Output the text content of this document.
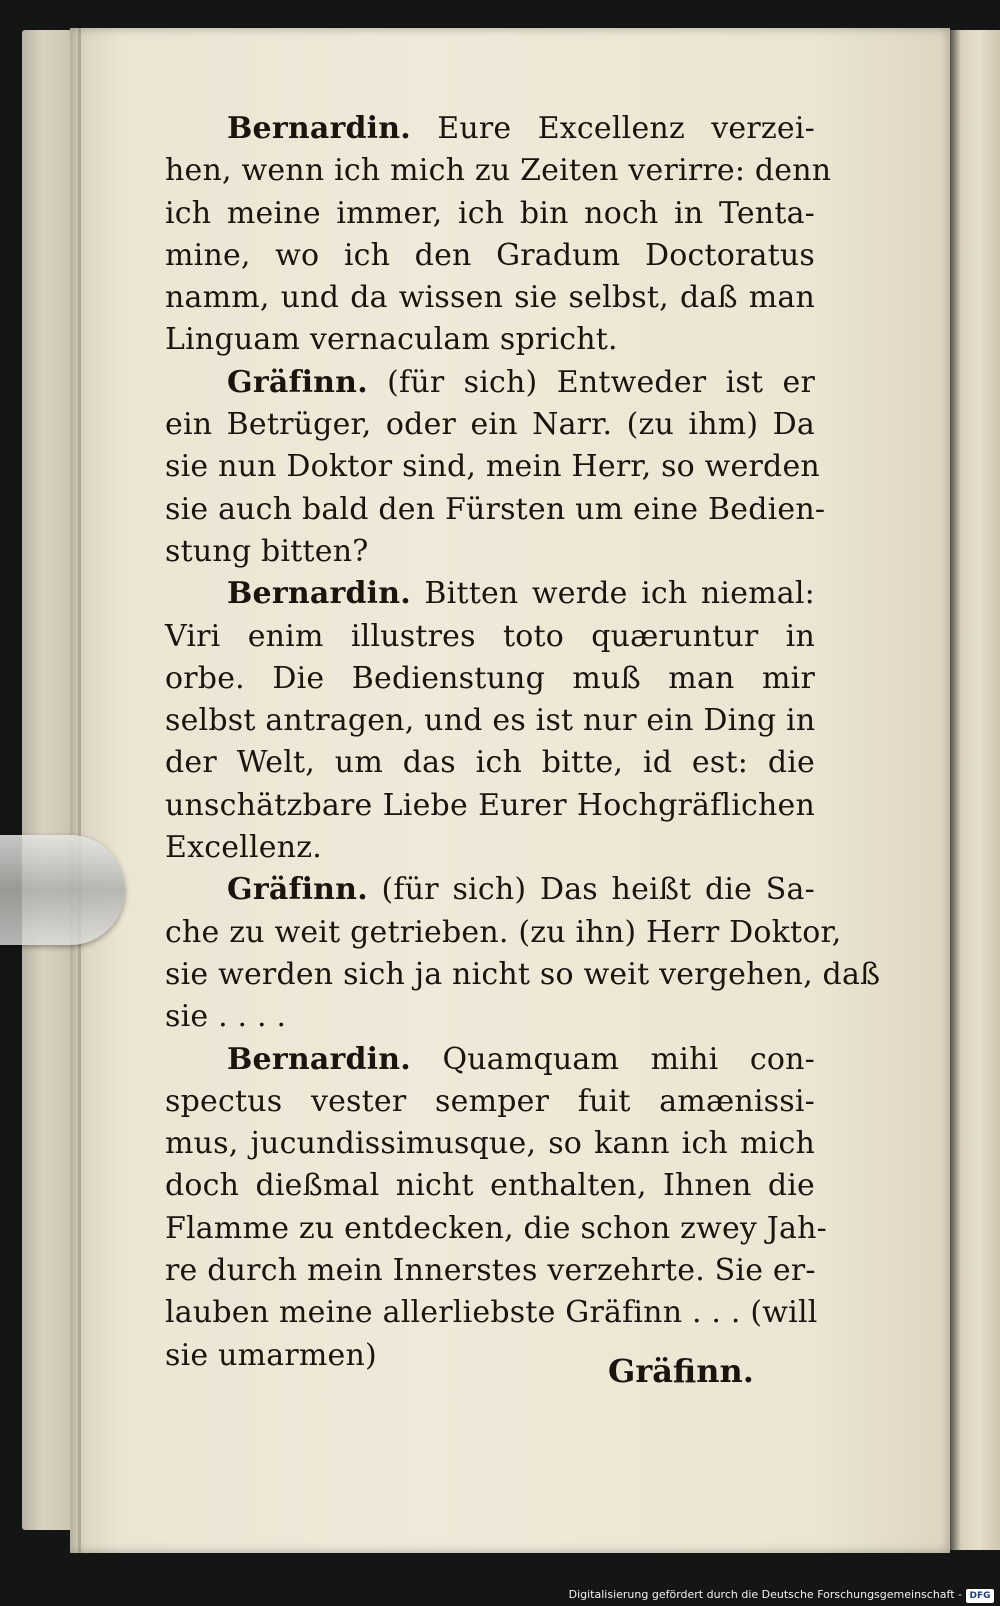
Bernardin. Eure Excellenz verzei-
hen, wenn ich mich zu Zeiten verirre: denn
ich meine immer, ich bin noch in Tenta-
mine, wo ich den Gradum Doctoratus
namm, und da wissen sie selbst, daß man
Linguam vernaculam spricht.
Gräfinn. (für sich) Entweder ist er
ein Betrüger, oder ein Narr. (zu ihm) Da
sie nun Doktor sind, mein Herr, so werden
sie auch bald den Fürsten um eine Bedien-
stung bitten?
Bernardin. Bitten werde ich niemal:
Viri enim illustres toto quæruntur in
orbe. Die Bedienstung muß man mir
selbst antragen, und es ist nur ein Ding in
der Welt, um das ich bitte, id est: die
unschätzbare Liebe Eurer Hochgräflichen
Excellenz.
Gräfinn. (für sich) Das heißt die Sa-
che zu weit getrieben. (zu ihn) Herr Doktor,
sie werden sich ja nicht so weit vergehen, daß
sie . . . .
Bernardin. Quamquam mihi con-
spectus vester semper fuit amænissi-
mus, jucundissimusque, so kann ich mich
doch dießmal nicht enthalten, Ihnen die
Flamme zu entdecken, die schon zwey Jah-
re durch mein Innerstes verzehrte. Sie er-
lauben meine allerliebste Gräfinn . . . (will
sie umarmen)	Gräfinn.
Digitalisierung gefördert durch die Deutsche Forschungsgemeinschaft - DFG
